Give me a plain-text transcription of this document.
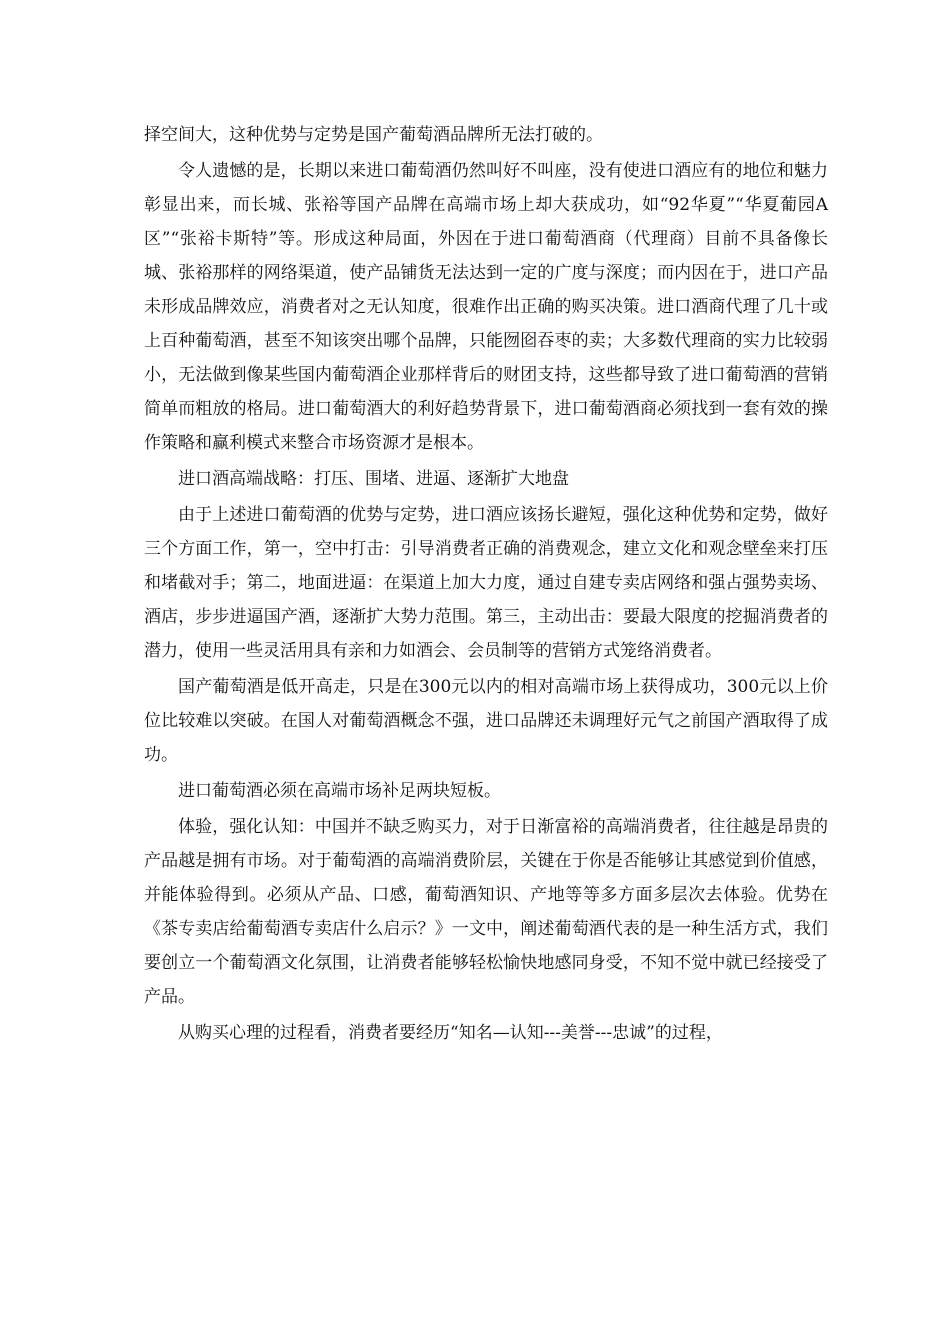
择空间大，这种优势与定势是国产葡萄酒品牌所无法打破的。

令人遗憾的是，长期以来进口葡萄酒仍然叫好不叫座，没有使进口酒应有的地位和魅力彰显出来，而长城、张裕等国产品牌在高端市场上却大获成功，如“92华夏”“华夏葡园A区”“张裕卡斯特”等。形成这种局面，外因在于进口葡萄酒商（代理商）目前不具备像长城、张裕那样的网络渠道，使产品铺货无法达到一定的广度与深度；而内因在于，进口产品未形成品牌效应，消费者对之无认知度，很难作出正确的购买决策。进口酒商代理了几十或上百种葡萄酒，甚至不知该突出哪个品牌，只能囫囵吞枣的卖；大多数代理商的实力比较弱小，无法做到像某些国内葡萄酒企业那样背后的财团支持，这些都导致了进口葡萄酒的营销简单而粗放的格局。进口葡萄酒大的利好趋势背景下，进口葡萄酒商必须找到一套有效的操作策略和赢利模式来整合市场资源才是根本。

进口酒高端战略：打压、围堵、进逼、逐渐扩大地盘

由于上述进口葡萄酒的优势与定势，进口酒应该扬长避短，强化这种优势和定势，做好三个方面工作，第一，空中打击：引导消费者正确的消费观念，建立文化和观念壁垒来打压和堵截对手；第二，地面进逼：在渠道上加大力度，通过自建专卖店网络和强占强势卖场、酒店，步步进逼国产酒，逐渐扩大势力范围。第三，主动出击：要最大限度的挖掘消费者的潜力，使用一些灵活用具有亲和力如酒会、会员制等的营销方式笼络消费者。

国产葡萄酒是低开高走，只是在300元以内的相对高端市场上获得成功，300元以上价位比较难以突破。在国人对葡萄酒概念不强，进口品牌还未调理好元气之前国产酒取得了成功。

进口葡萄酒必须在高端市场补足两块短板。

体验，强化认知：中国并不缺乏购买力，对于日渐富裕的高端消费者，往往越是昂贵的产品越是拥有市场。对于葡萄酒的高端消费阶层，关键在于你是否能够让其感觉到价值感，并能体验得到。必须从产品、口感，葡萄酒知识、产地等等多方面多层次去体验。优势在《茶专卖店给葡萄酒专卖店什么启示？》一文中，阐述葡萄酒代表的是一种生活方式，我们要创立一个葡萄酒文化氛围，让消费者能够轻松愉快地感同身受，不知不觉中就已经接受了产品。

从购买心理的过程看，消费者要经历“知名—认知---美誉---忠诚”的过程，
